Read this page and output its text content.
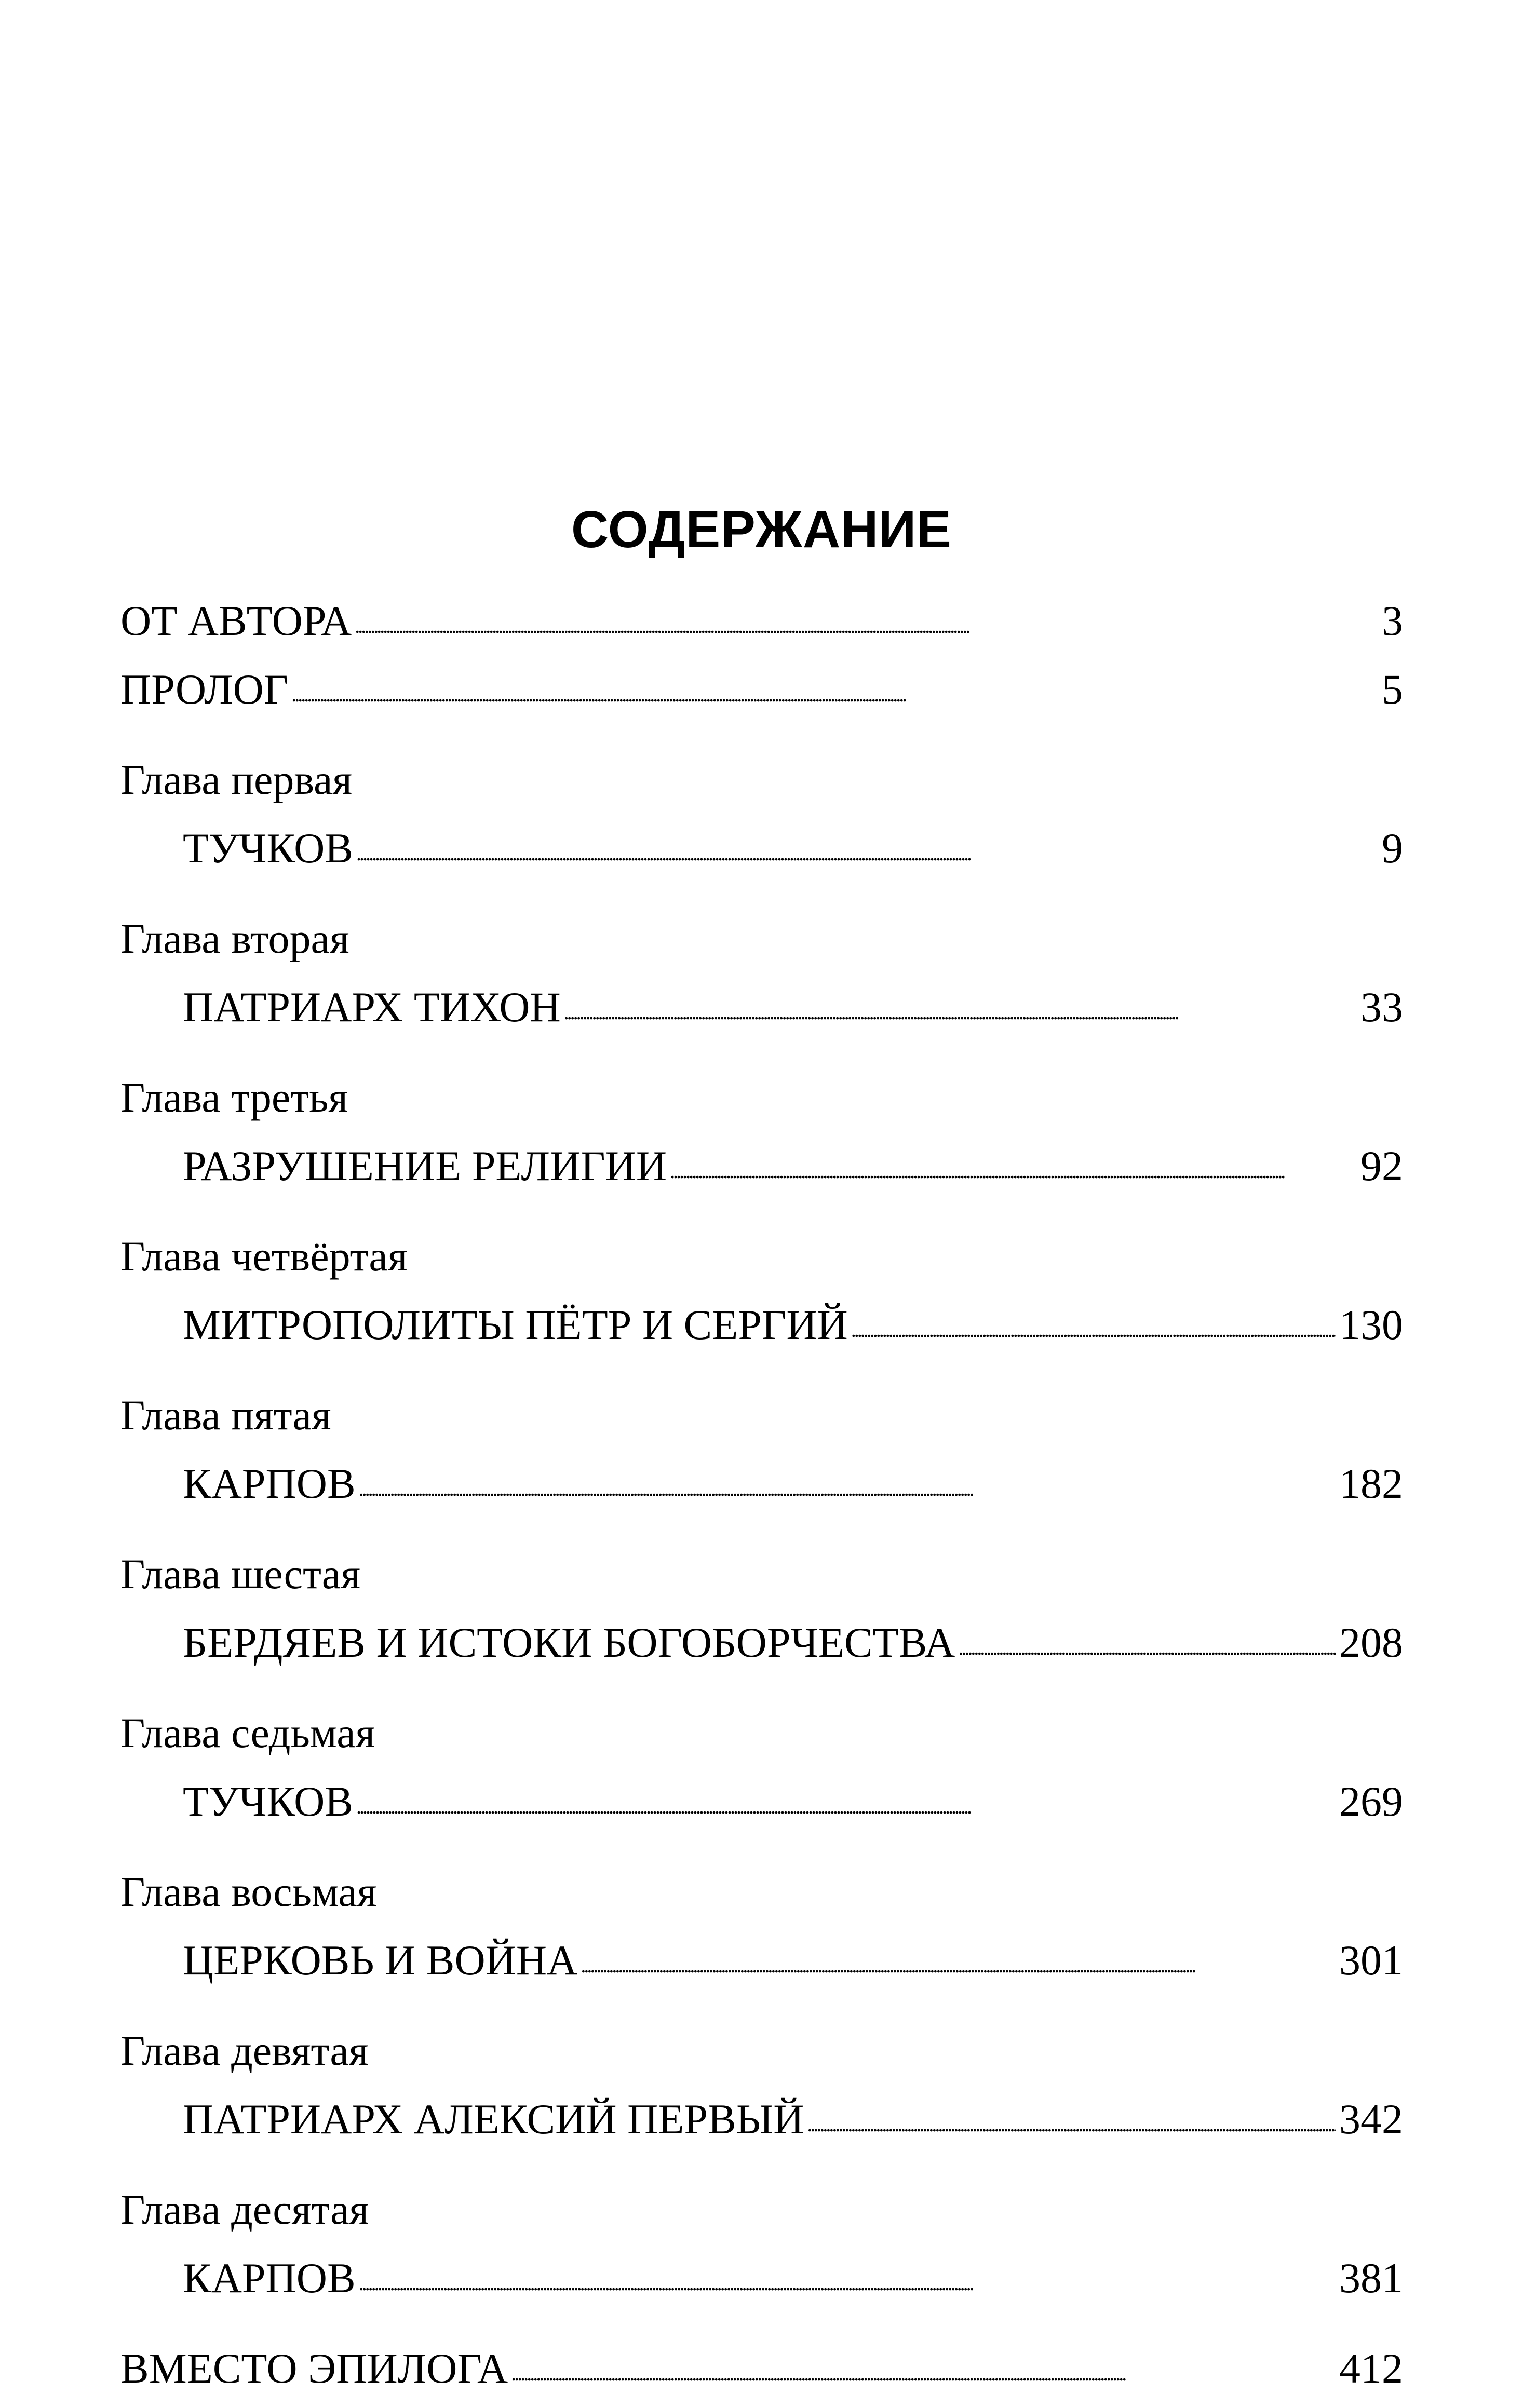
СОДЕРЖАНИЕ
ОТ АВТОРА . . .	3
ПРОЛОГ . . .	5
Глава первая
ТУЧКОВ . . .	9
Глава вторая
ПАТРИАРХ ТИХОН . . .	33
Глава третья
РАЗРУШЕНИЕ РЕЛИГИИ . . .	92
Глава четвёртая
МИТРОПОЛИТЫ ПЁТР И СЕРГИЙ . . .	130
Глава пятая
КАРПОВ . . .	182
Глава шестая
БЕРДЯЕВ И ИСТОКИ БОГОБОРЧЕСТВА . . .	208
Глава седьмая
ТУЧКОВ . . .	269
Глава восьмая
ЦЕРКОВЬ И ВОЙНА . . .	301
Глава девятая
ПАТРИАРХ АЛЕКСИЙ ПЕРВЫЙ . . .	342
Глава десятая
КАРПОВ . . .	381
ВМЕСТО ЭПИЛОГА . . .	412
